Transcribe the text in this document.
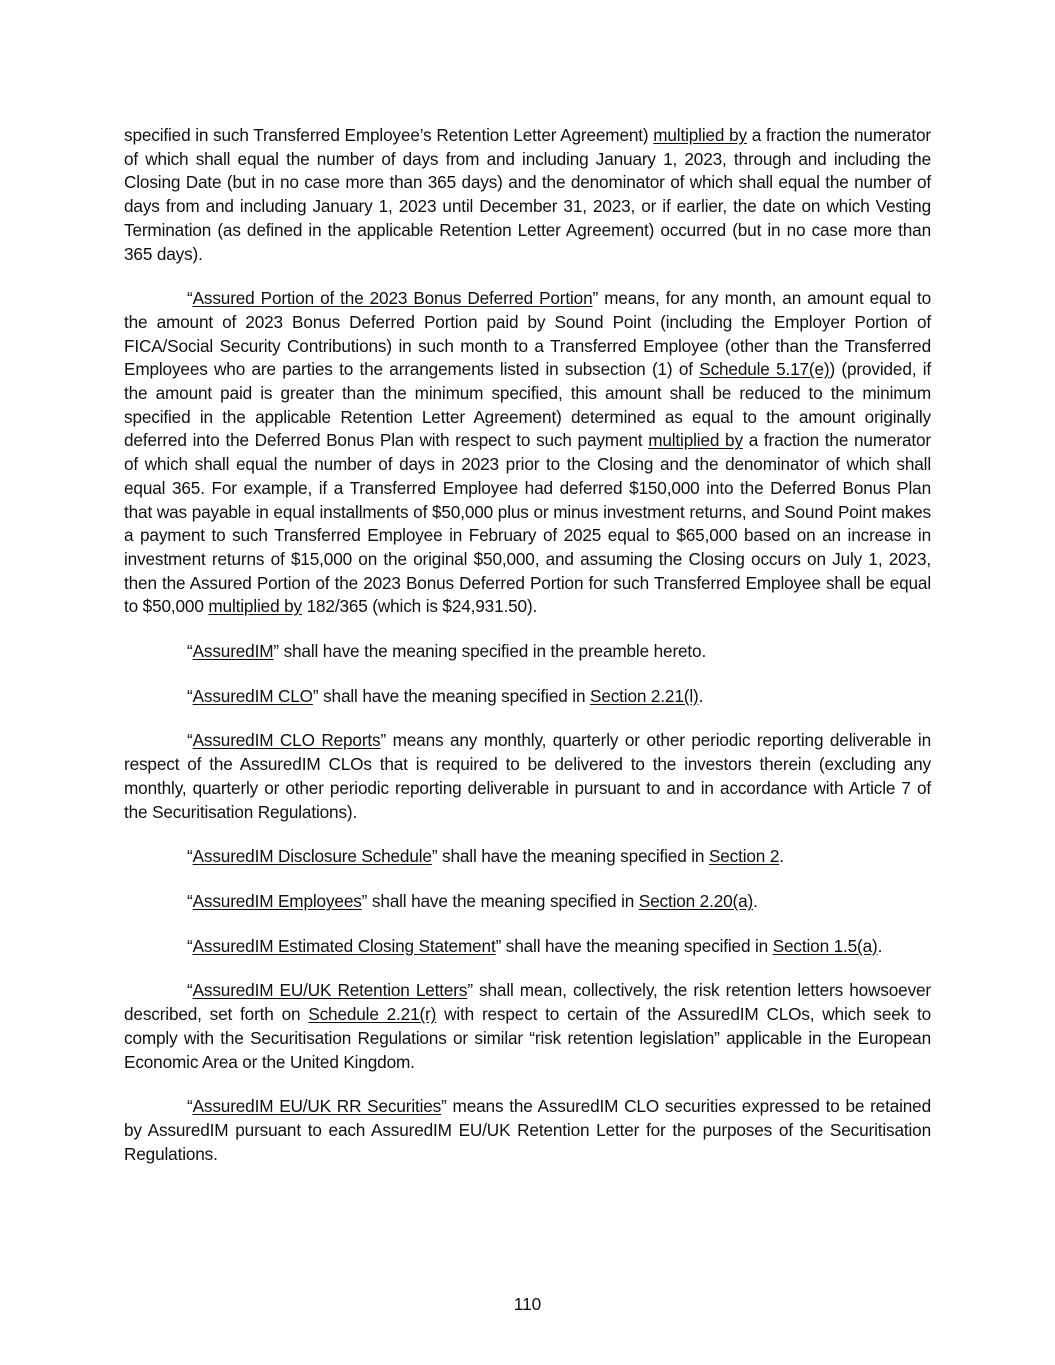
specified in such Transferred Employee’s Retention Letter Agreement) multiplied by a fraction the numerator of which shall equal the number of days from and including January 1, 2023, through and including the Closing Date (but in no case more than 365 days) and the denominator of which shall equal the number of days from and including January 1, 2023 until December 31, 2023, or if earlier, the date on which Vesting Termination (as defined in the applicable Retention Letter Agreement) occurred (but in no case more than 365 days).

“Assured Portion of the 2023 Bonus Deferred Portion” means, for any month, an amount equal to the amount of 2023 Bonus Deferred Portion paid by Sound Point (including the Employer Portion of FICA/Social Security Contributions) in such month to a Transferred Employee (other than the Transferred Employees who are parties to the arrangements listed in subsection (1) of Schedule 5.17(e)) (provided, if the amount paid is greater than the minimum specified, this amount shall be reduced to the minimum specified in the applicable Retention Letter Agreement) determined as equal to the amount originally deferred into the Deferred Bonus Plan with respect to such payment multiplied by a fraction the numerator of which shall equal the number of days in 2023 prior to the Closing and the denominator of which shall equal 365. For example, if a Transferred Employee had deferred $150,000 into the Deferred Bonus Plan that was payable in equal installments of $50,000 plus or minus investment returns, and Sound Point makes a payment to such Transferred Employee in February of 2025 equal to $65,000 based on an increase in investment returns of $15,000 on the original $50,000, and assuming the Closing occurs on July 1, 2023, then the Assured Portion of the 2023 Bonus Deferred Portion for such Transferred Employee shall be equal to $50,000 multiplied by 182/365 (which is $24,931.50).

“AssuredIM” shall have the meaning specified in the preamble hereto.

“AssuredIM CLO” shall have the meaning specified in Section 2.21(l).

“AssuredIM CLO Reports” means any monthly, quarterly or other periodic reporting deliverable in respect of the AssuredIM CLOs that is required to be delivered to the investors therein (excluding any monthly, quarterly or other periodic reporting deliverable in pursuant to and in accordance with Article 7 of the Securitisation Regulations).

“AssuredIM Disclosure Schedule” shall have the meaning specified in Section 2.

“AssuredIM Employees” shall have the meaning specified in Section 2.20(a).

“AssuredIM Estimated Closing Statement” shall have the meaning specified in Section 1.5(a).

“AssuredIM EU/UK Retention Letters” shall mean, collectively, the risk retention letters howsoever described, set forth on Schedule 2.21(r) with respect to certain of the AssuredIM CLOs, which seek to comply with the Securitisation Regulations or similar “risk retention legislation” applicable in the European Economic Area or the United Kingdom.

“AssuredIM EU/UK RR Securities” means the AssuredIM CLO securities expressed to be retained by AssuredIM pursuant to each AssuredIM EU/UK Retention Letter for the purposes of the Securitisation Regulations.

110
